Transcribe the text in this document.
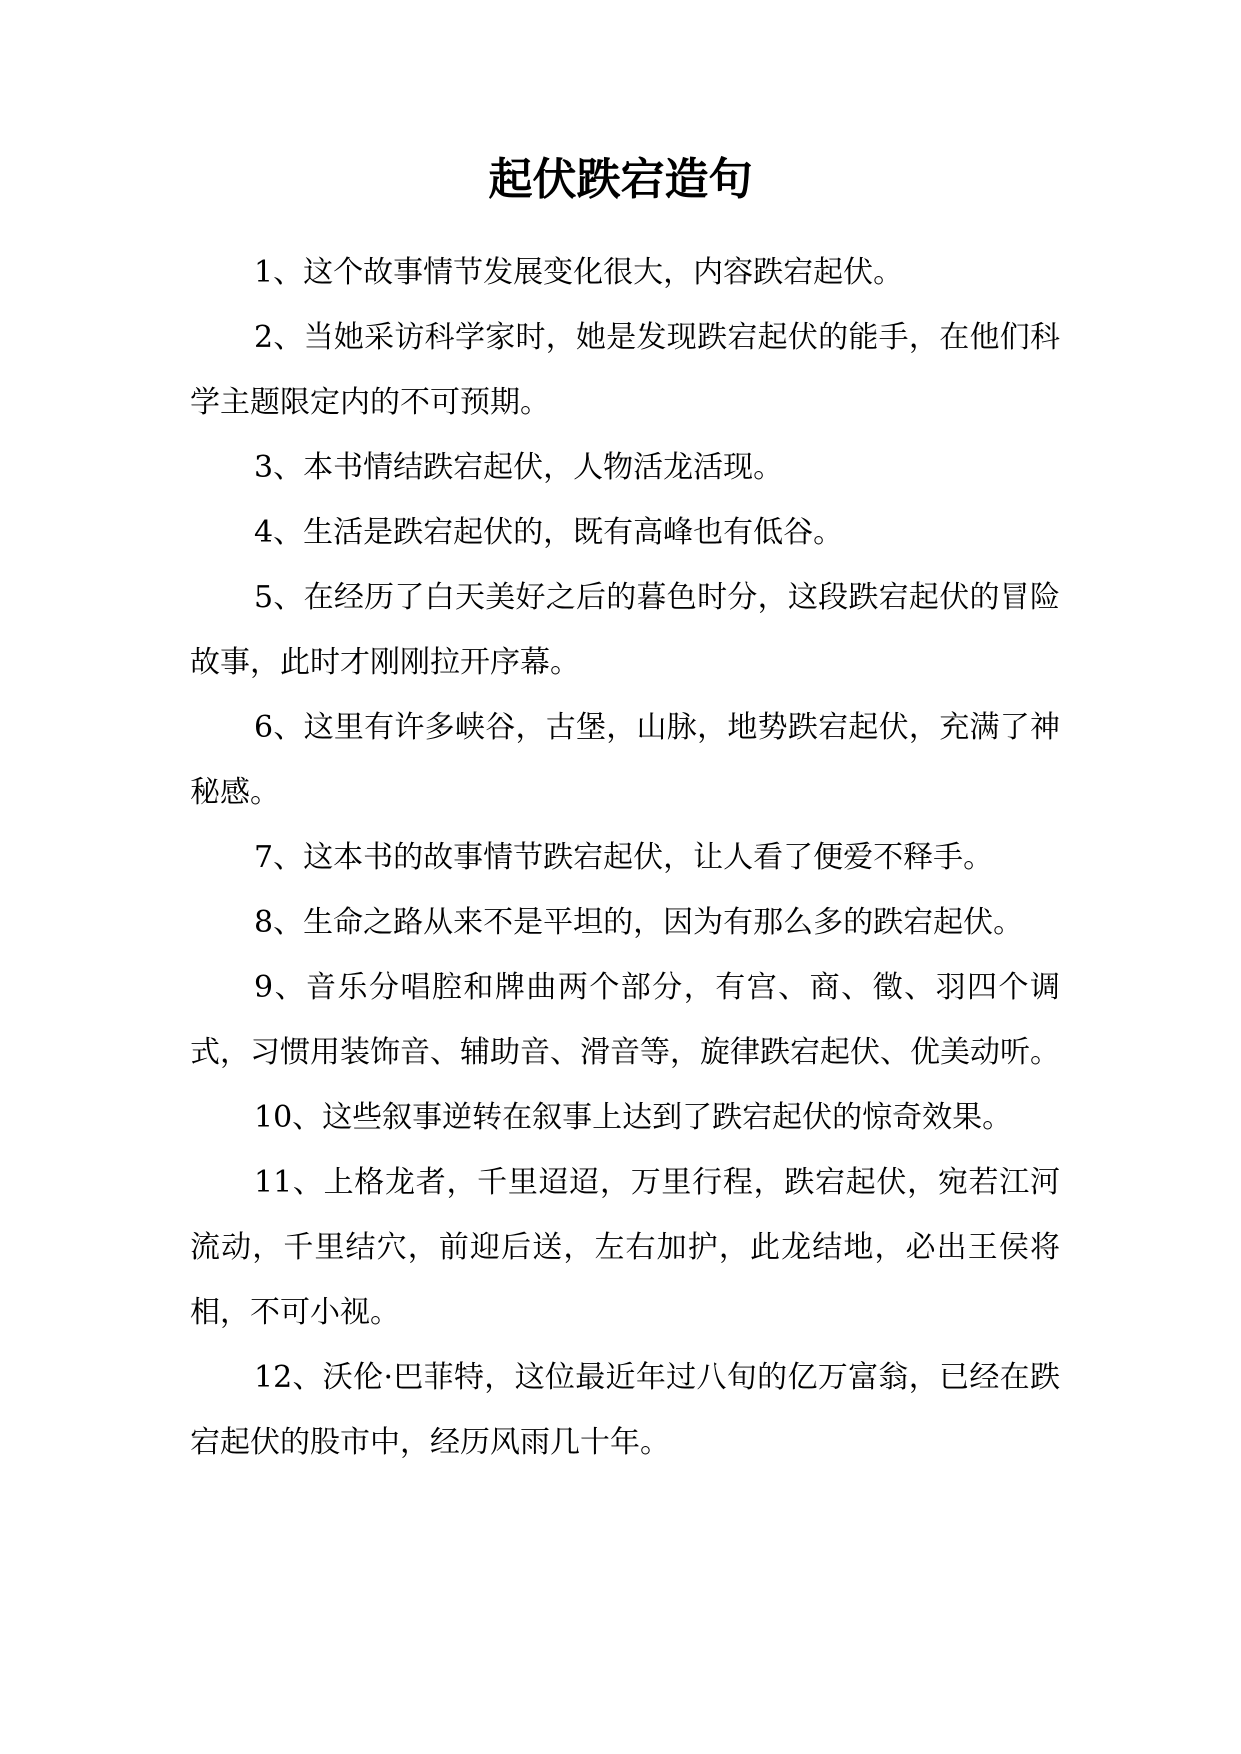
起伏跌宕造句

1、这个故事情节发展变化很大，内容跌宕起伏。

2、当她采访科学家时，她是发现跌宕起伏的能手，在他们科学主题限定内的不可预期。

3、本书情结跌宕起伏，人物活龙活现。

4、生活是跌宕起伏的，既有高峰也有低谷。

5、在经历了白天美好之后的暮色时分，这段跌宕起伏的冒险故事，此时才刚刚拉开序幕。

6、这里有许多峡谷，古堡，山脉，地势跌宕起伏，充满了神秘感。

7、这本书的故事情节跌宕起伏，让人看了便爱不释手。

8、生命之路从来不是平坦的，因为有那么多的跌宕起伏。

9、音乐分唱腔和牌曲两个部分，有宫、商、徵、羽四个调式，习惯用装饰音、辅助音、滑音等，旋律跌宕起伏、优美动听。

10、这些叙事逆转在叙事上达到了跌宕起伏的惊奇效果。

11、上格龙者，千里迢迢，万里行程，跌宕起伏，宛若江河流动，千里结穴，前迎后送，左右加护，此龙结地，必出王侯将相，不可小视。

12、沃伦·巴菲特，这位最近年过八旬的亿万富翁，已经在跌宕起伏的股市中，经历风雨几十年。
